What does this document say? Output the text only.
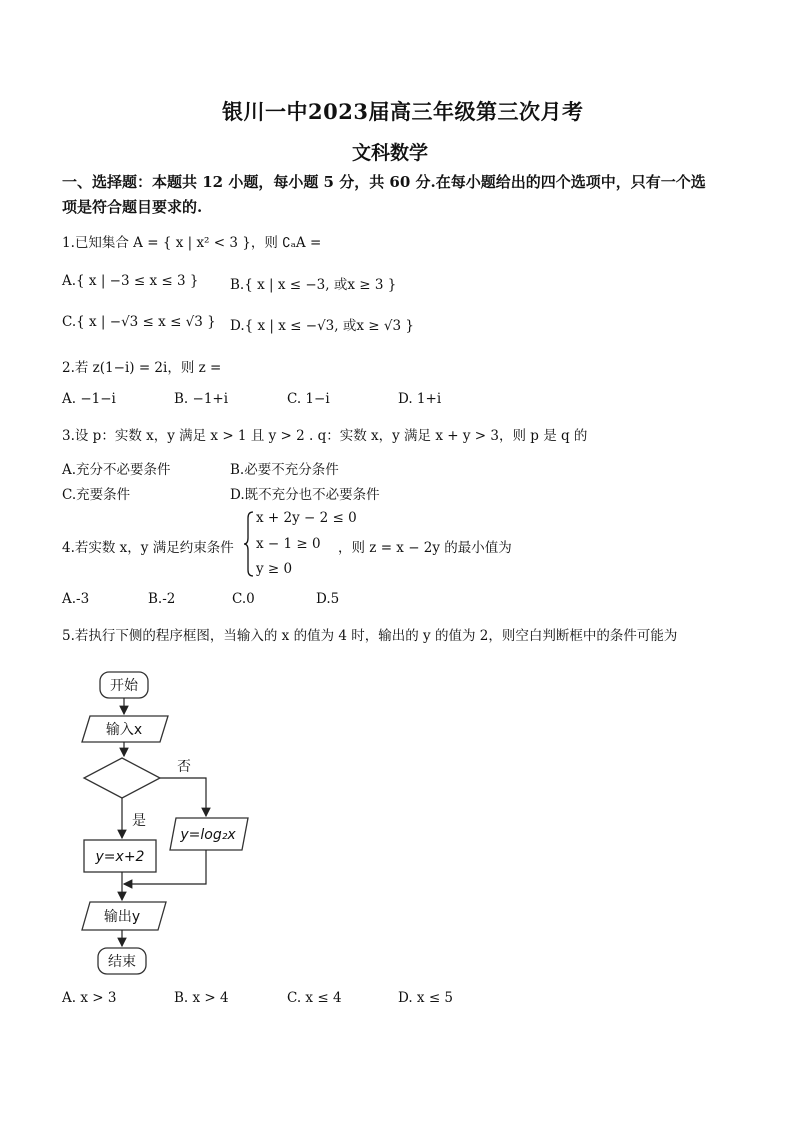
银川一中2023届高三年级第三次月考
文科数学
一、选择题：本题共 12 小题，每小题 5 分，共 60 分.在每小题给出的四个选项中，只有一个选
项是符合题目要求的.
1.已知集合 A = { x | x² < 3 }，则 ∁ₐA =
A.{ x | −3 ≤ x ≤ 3 } B.{ x | x ≤ −3, 或x ≥ 3 }
C.{ x | −√3 ≤ x ≤ √3 } D.{ x | x ≤ −√3, 或x ≥ √3 }
2.若 z(1−i) = 2i，则 z =
A. −1−i	B. −1+i	C. 1−i	D. 1+i
3.设 p：实数 x，y 满足 x > 1 且 y > 2 . q：实数 x，y 满足 x + y > 3，则 p 是 q 的
A.充分不必要条件	B.必要不充分条件
C.充要条件	D.既不充分也不必要条件
4.若实数 x，y 满足约束条件
x + 2y − 2 ≤ 0
x − 1 ≥ 0
y ≥ 0
，则 z = x − 2y 的最小值为
A.-3	B.-2	C.0	D.5
5.若执行下侧的程序框图，当输入的 x 的值为 4 时，输出的 y 的值为 2，则空白判断框中的条件可能为
开始
输入x
否
y=log₂x
是
y=x+2
输出y
结束
A. x > 3	B. x > 4	C. x ≤ 4	D. x ≤ 5
